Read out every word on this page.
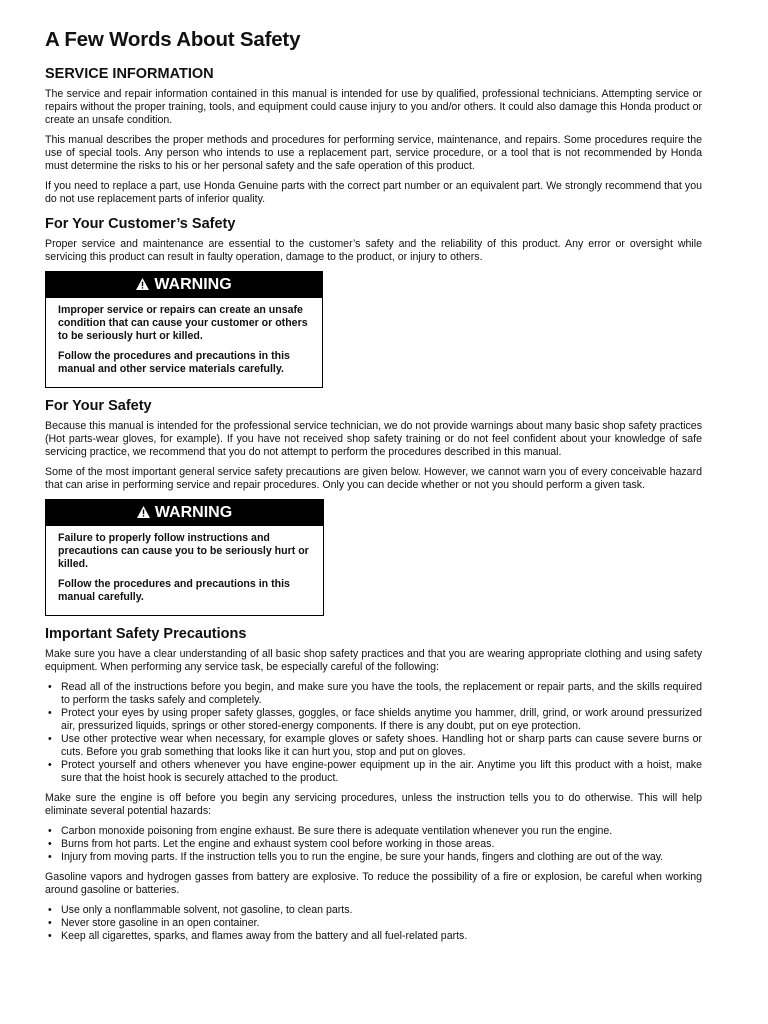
A Few Words About Safety
SERVICE INFORMATION

The service and repair information contained in this manual is intended for use by qualified, professional technicians. Attempting service or repairs without the proper training, tools, and equipment could cause injury to you and/or others. It could also damage this Honda product or create an unsafe condition.

This manual describes the proper methods and procedures for performing service, maintenance, and repairs. Some procedures require the use of special tools. Any person who intends to use a replacement part, service procedure, or a tool that is not recommended by Honda must determine the risks to his or her personal safety and the safe operation of this product.

If you need to replace a part, use Honda Genuine parts with the correct part number or an equivalent part. We strongly recommend that you do not use replacement parts of inferior quality.

For Your Customer’s Safety

Proper service and maintenance are essential to the customer’s safety and the reliability of this product. Any error or oversight while servicing this product can result in faulty operation, damage to the product, or injury to others.

WARNING

Improper service or repairs can create an unsafe condition that can cause your customer or others to be seriously hurt or killed.

Follow the procedures and precautions in this manual and other service materials carefully.

For Your Safety

Because this manual is intended for the professional service technician, we do not provide warnings about many basic shop safety practices (Hot parts-wear gloves, for example). If you have not received shop safety training or do not feel confident about your knowledge of safe servicing practice, we recommend that you do not attempt to perform the procedures described in this manual.

Some of the most important general service safety precautions are given below. However, we cannot warn you of every conceivable hazard that can arise in performing service and repair procedures. Only you can decide whether or not you should perform a given task.

WARNING

Failure to properly follow instructions and precautions can cause you to be seriously hurt or killed.

Follow the procedures and precautions in this manual carefully.

Important Safety Precautions

Make sure you have a clear understanding of all basic shop safety practices and that you are wearing appropriate clothing and using safety equipment. When performing any service task, be especially careful of the following:

• Read all of the instructions before you begin, and make sure you have the tools, the replacement or repair parts, and the skills required to perform the tasks safely and completely.
• Protect your eyes by using proper safety glasses, goggles, or face shields anytime you hammer, drill, grind, or work around pressurized air, pressurized liquids, springs or other stored-energy components. If there is any doubt, put on eye protection.
• Use other protective wear when necessary, for example gloves or safety shoes. Handling hot or sharp parts can cause severe burns or cuts. Before you grab something that looks like it can hurt you, stop and put on gloves.
• Protect yourself and others whenever you have engine-power equipment up in the air. Anytime you lift this product with a hoist, make sure that the hoist hook is securely attached to the product.

Make sure the engine is off before you begin any servicing procedures, unless the instruction tells you to do otherwise. This will help eliminate several potential hazards:

• Carbon monoxide poisoning from engine exhaust. Be sure there is adequate ventilation whenever you run the engine.
• Burns from hot parts. Let the engine and exhaust system cool before working in those areas.
• Injury from moving parts. If the instruction tells you to run the engine, be sure your hands, fingers and clothing are out of the way.

Gasoline vapors and hydrogen gasses from battery are explosive. To reduce the possibility of a fire or explosion, be careful when working around gasoline or batteries.

• Use only a nonflammable solvent, not gasoline, to clean parts.
• Never store gasoline in an open container.
• Keep all cigarettes, sparks, and flames away from the battery and all fuel-related parts.
